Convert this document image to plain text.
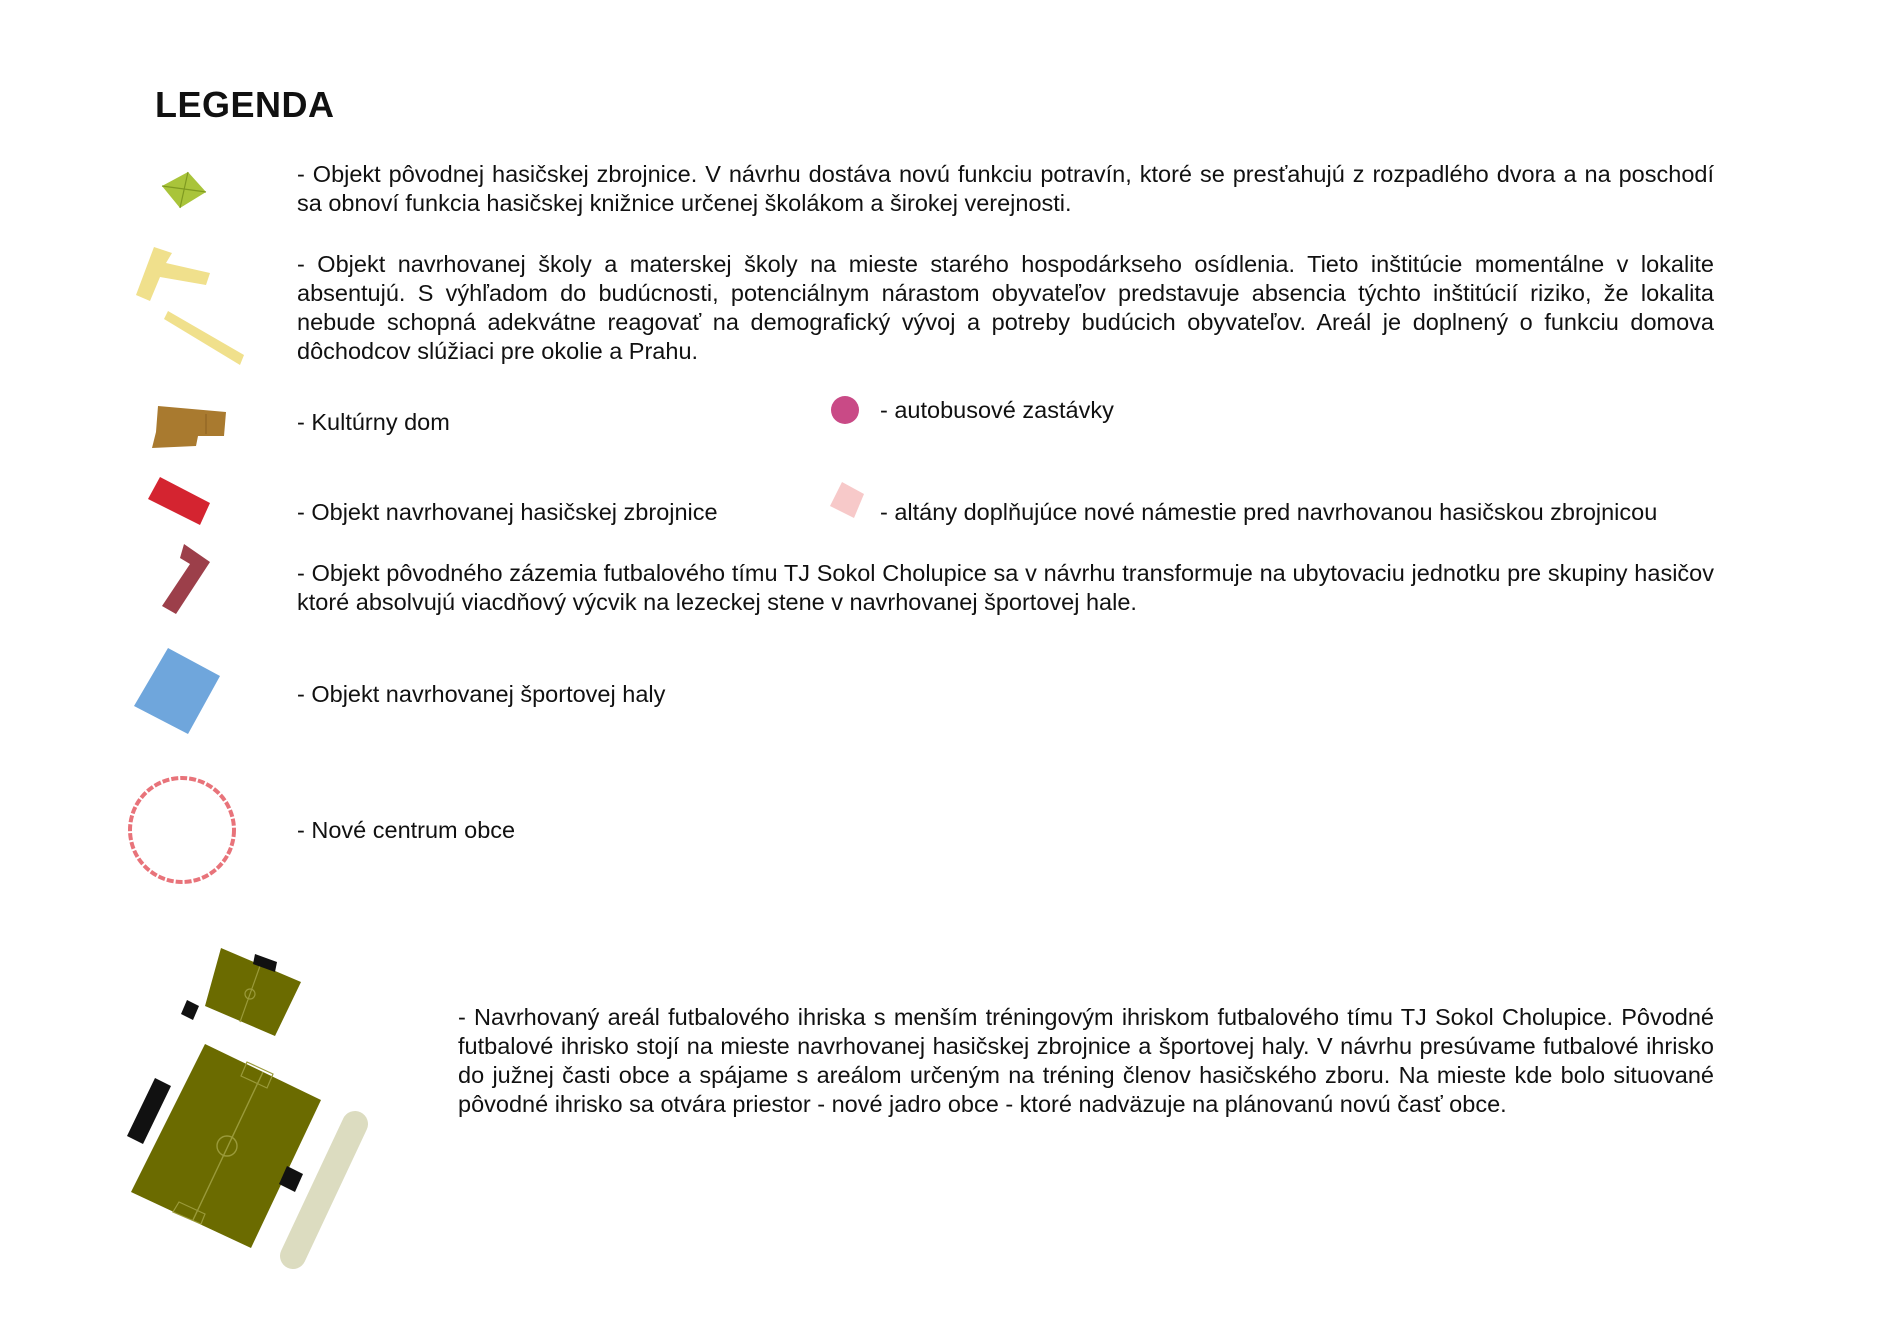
LEGENDA
- Objekt pôvodnej hasičskej zbrojnice. V návrhu dostáva novú funkciu potravín, ktoré se presťahujú z rozpadlého dvora a na poschodí sa obnoví funkcia hasičskej knižnice určenej školákom a širokej verejnosti.
- Objekt navrhovanej školy a materskej školy na mieste starého hospodárkseho osídlenia. Tieto inštitúcie momentálne v lokalite absentujú. S výhľadom do budúcnosti, potenciálnym nárastom obyvateľov predstavuje absencia týchto inštitúcií riziko, že lokalita nebude schopná adekvátne reagovať na demografický vývoj a potreby budúcich obyvateľov. Areál je doplnený o funkciu domova dôchodcov slúžiaci pre okolie a Prahu.
- Kultúrny dom	- autobusové zastávky
- Objekt navrhovanej hasičskej zbrojnice	- altány doplňujúce nové námestie pred navrhovanou hasičskou zbrojnicou
- Objekt pôvodného zázemia futbalového tímu TJ Sokol Cholupice sa v návrhu transformuje na ubytovaciu jednotku pre skupiny hasičov ktoré absolvujú viacdňový výcvik na lezeckej stene v navrhovanej športovej hale.
- Objekt navrhovanej športovej haly
- Nové centrum obce
- Navrhovaný areál futbalového ihriska s menším tréningovým ihriskom futbalového tímu TJ Sokol Cholupice. Pôvodné futbalové ihrisko stojí na mieste navrhovanej hasičskej zbrojnice a športovej haly. V návrhu presúvame futbalové ihrisko do južnej časti obce a spájame s areálom určeným na tréning členov hasičského zboru. Na mieste kde bolo situované pôvodné ihrisko sa otvára priestor - nové jadro obce - ktoré nadväzuje na plánovanú novú časť obce.
